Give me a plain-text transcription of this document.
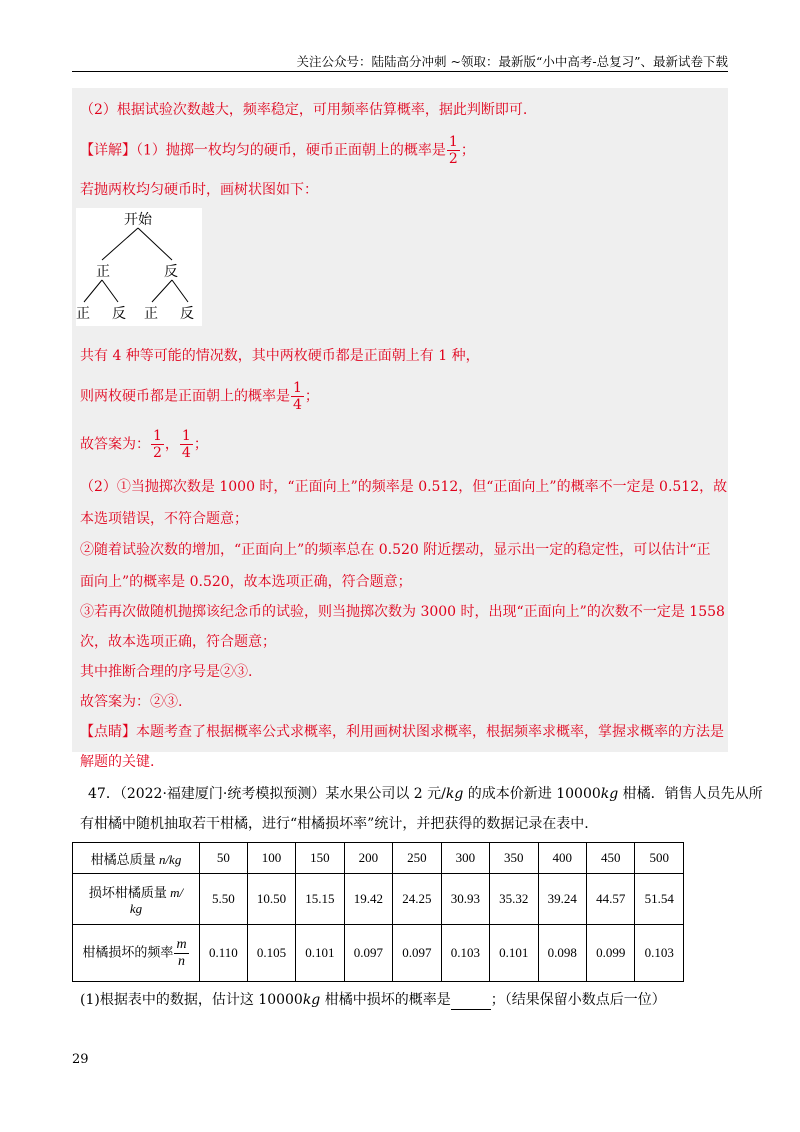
关注公众号：陆陆高分冲刺 ~领取：最新版“小中高考-总复习”、最新试卷下载
（2）根据试验次数越大，频率稳定，可用频率估算概率，据此判断即可.
【详解】（1）抛掷一枚均匀的硬币，硬币正面朝上的概率是 $\frac{1}{2}$ ；
若抛两枚均匀硬币时，画树状图如下：
开始
正	反
正 反 正 反
共有 4 种等可能的情况数，其中两枚硬币都是正面朝上有 1 种，
则两枚硬币都是正面朝上的概率是 $\frac{1}{4}$ ；
故答案为： $\frac{1}{2}$ ， $\frac{1}{4}$ ；
（2）①当抛掷次数是 1000 时，“正面向上”的频率是 0.512，但“正面向上”的概率不一定是 0.512，故
本选项错误，不符合题意；
②随着试验次数的增加，“正面向上”的频率总在 0.520 附近摆动，显示出一定的稳定性，可以估计“正
面向上”的概率是 0.520，故本选项正确，符合题意；
③若再次做随机抛掷该纪念币的试验，则当抛掷次数为 3000 时，出现“正面向上”的次数不一定是 1558
次，故本选项正确，符合题意；
其中推断合理的序号是②③.
故答案为：②③.
【点睛】本题考查了根据概率公式求概率，利用画树状图求概率，根据频率求概率，掌握求概率的方法是
解题的关键.
47．（2022·福建厦门·统考模拟预测）某水果公司以 2 元/kg 的成本价新进 10000kg 柑橘．销售人员先从所
有柑橘中随机抽取若干柑橘，进行“柑橘损坏率”统计，并把获得的数据记录在表中.
柑橘总质量 n/kg	50	100	150	200	250	300	350	400	450	500
损坏柑橘质量 m/
kg	5.50	10.50	15.15	19.42	24.25	30.93	35.32	39.24	44.57	51.54
柑橘损坏的频率 $\frac{m}{n}$	0.110	0.105	0.101	0.097	0.097	0.103	0.101	0.098	0.099	0.103
(1)根据表中的数据，估计这 10000kg 柑橘中损坏的概率是	；（结果保留小数点后一位）
29
